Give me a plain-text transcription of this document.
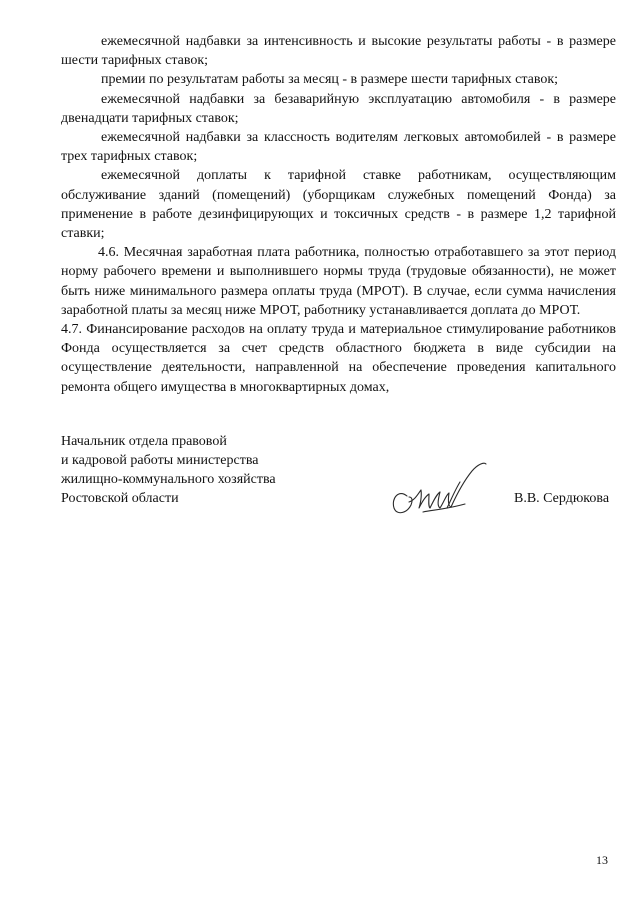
ежемесячной надбавки за интенсивность и высокие результаты работы - в размере шести тарифных ставок;

премии по результатам работы за месяц - в размере шести тарифных ставок;

ежемесячной надбавки за безаварийную эксплуатацию автомобиля - в размере двенадцати тарифных ставок;

ежемесячной надбавки за классность водителям легковых автомобилей - в размере трех тарифных ставок;

ежемесячной доплаты к тарифной ставке работникам, осуществляющим обслуживание зданий (помещений) (уборщикам служебных помещений Фонда) за применение в работе дезинфицирующих и токсичных средств - в размере 1,2 тарифной ставки;

4.6. Месячная заработная плата работника, полностью отработавшего за этот период норму рабочего времени и выполнившего нормы труда (трудовые обязанности), не может быть ниже минимального размера оплаты труда (МРОТ). В случае, если сумма начисления заработной платы за месяц ниже МРОТ, работнику устанавливается доплата до МРОТ.

4.7. Финансирование расходов на оплату труда и материальное стимулирование работников Фонда осуществляется за счет средств областного бюджета в виде субсидии на осуществление деятельности, направленной на обеспечение проведения капитального ремонта общего имущества в многоквартирных домах,

Начальник отдела правовой
и кадровой работы министерства
жилищно-коммунального хозяйства
Ростовской области	В.В. Сердюкова
13
